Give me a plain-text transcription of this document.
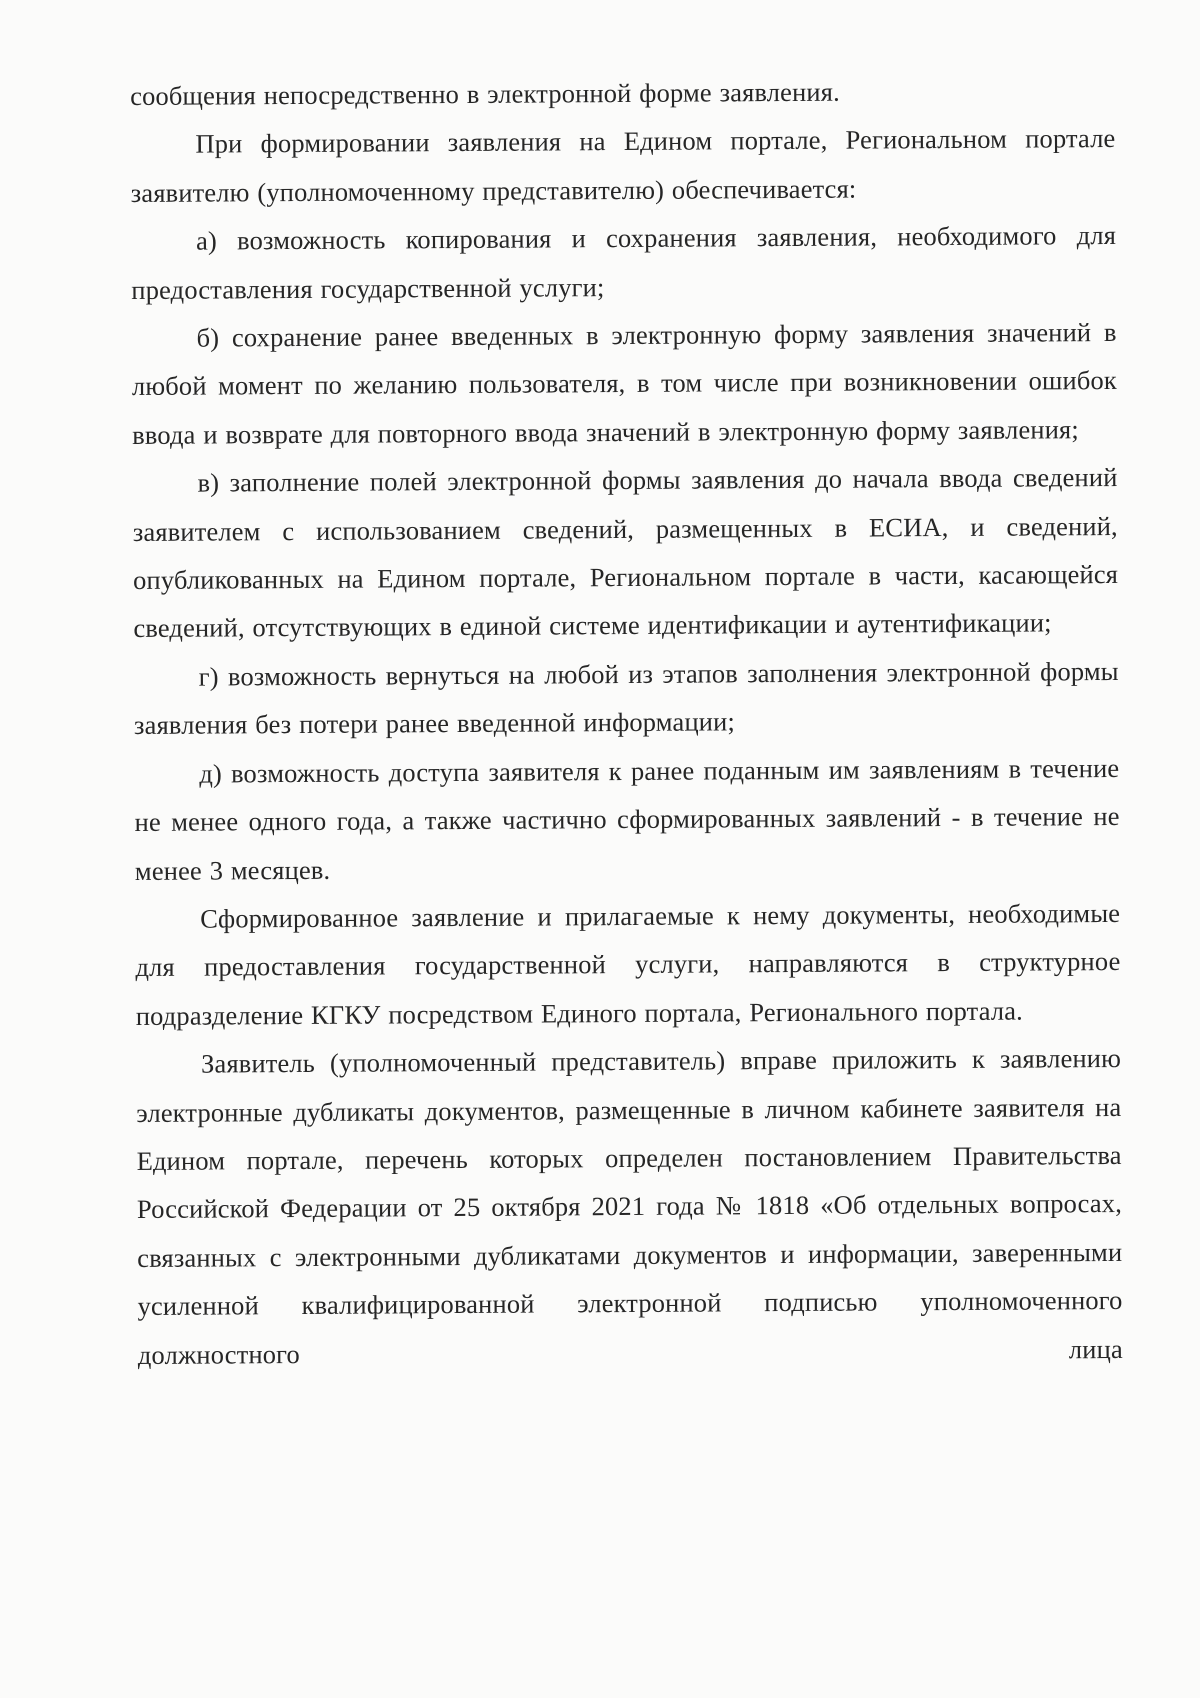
сообщения непосредственно в электронной форме заявления.

При формировании заявления на Едином портале, Региональном портале заявителю (уполномоченному представителю) обеспечивается:

а) возможность копирования и сохранения заявления, необходимого для предоставления государственной услуги;

б) сохранение ранее введенных в электронную форму заявления значений в любой момент по желанию пользователя, в том числе при возникновении ошибок ввода и возврате для повторного ввода значений в электронную форму заявления;

в) заполнение полей электронной формы заявления до начала ввода сведений заявителем с использованием сведений, размещенных в ЕСИА, и сведений, опубликованных на Едином портале, Региональном портале в части, касающейся сведений, отсутствующих в единой системе идентификации и аутентификации;

г) возможность вернуться на любой из этапов заполнения электронной формы заявления без потери ранее введенной информации;

д) возможность доступа заявителя к ранее поданным им заявлениям в течение не менее одного года, а также частично сформированных заявлений - в течение не менее 3 месяцев.

Сформированное заявление и прилагаемые к нему документы, необходимые для предоставления государственной услуги, направляются в структурное подразделение КГКУ посредством Единого портала, Регионального портала.

Заявитель (уполномоченный представитель) вправе приложить к заявлению электронные дубликаты документов, размещенные в личном кабинете заявителя на Едином портале, перечень которых определен постановлением Правительства Российской Федерации от 25 октября 2021 года № 1818 «Об отдельных вопросах, связанных с электронными дубликатами документов и информации, заверенными усиленной квалифицированной электронной подписью уполномоченного должностного лица
